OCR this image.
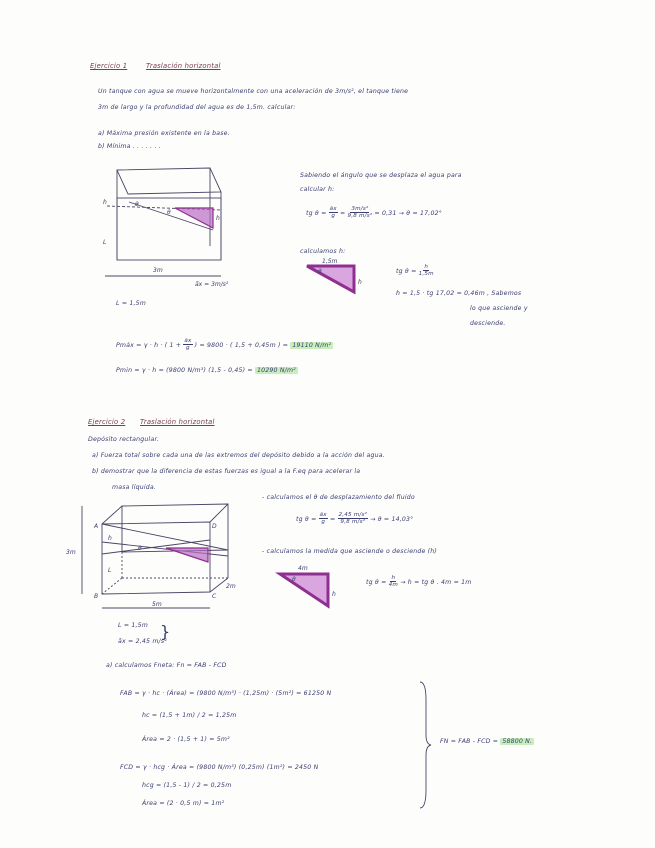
Ejercicio 1	Traslación horizontal
Un tanque con agua se mueve horizontalmente con una aceleración de 3m/s², el tanque tiene
3m de largo y la profundidad del agua es de 1,5m. calcular:
a) Máxima presión existente en la base.
b) Mínima . . . . . . .
h
L
θ
θ
h
3m
ãx = 3m/s²
Sabiendo el ángulo que se desplaza el agua para
calcular h:
tg $\theta = \frac{ãx}{g} = \frac{\text{3m/s²}}{\text{9,8 m/s²}} = 0,31 \to \theta = 17,02^\circ$
calculamos h:
1,5m
h
θ	tg $\theta = \frac{h}{1,5m}$
h = 1,5 · tg 17,02 = 0,46m , Sabemos
lo que asciende y
desciende.
L = 1,5m
Pmáx = γ · h · ( $1 + \frac{ãx}{g}$ ) = 9800 · ( 1,5 + 0,45m ) = 19110 N/m²
Pmin = γ · h = (9800 N/m³) (1,5 - 0,45) = 10290 N/m²
Ejercicio 2 Traslación horizontal
Depósito rectangular.
a) Fuerza total sobre cada una de las extremos del depósito debido a la acción del agua.
b) demostrar que la diferencia de estas fuerzas es igual a la F.eq para acelerar la
masa líquida.
3m
5m
2m
h
L
θ
A
B	C
D
- calculamos el θ de desplazamiento del fluido
tg $\theta = \frac{ãx}{g} = \frac{\text{2,45 m/s²}}{\text{9,8 m/s²}} \to \theta = 14,03^\circ$
- calculamos la medida que asciende o desciende (h)
4m
h
θ	tg $\theta = \frac{h}{4m} \to h$ = tg θ . 4m = 1m
L = 1,5m
ãx = 2,45 m/s²
}
a) calculamos Fneta: Fn = FAB - FCD
FAB = γ · hc · (Área) = (9800 N/m³) · (1,25m) · (5m²) = 61250 N
hc = (1,5 + 1m) / 2 = 1,25m
Área = 2 · (1,5 + 1) = 5m²
FCD = γ · hcg · Área = (9800 N/m³) (0,25m) (1m²) = 2450 N
hcg = (1,5 - 1) / 2 = 0,25m
Área = (2 · 0,5 m) = 1m²
FN = FAB - FCD = 58800 N.
